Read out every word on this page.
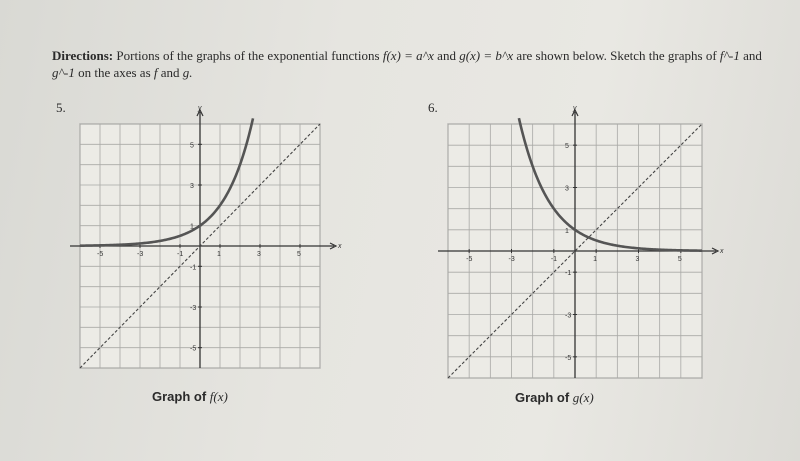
Directions: Portions of the graphs of the exponential functions f(x) = a^x and g(x) = b^x are shown below. Sketch the graphs of f^-1 and g^-1 on the axes as f and g.
5.	6.
y
x
-5	-3	-1	1	3	5
5
3
1
-1
-3
-5
y
x
-5	-3	-1	1	3	5
5
3
1
-1
-3
-5
Graph of f(x)	Graph of g(x)
